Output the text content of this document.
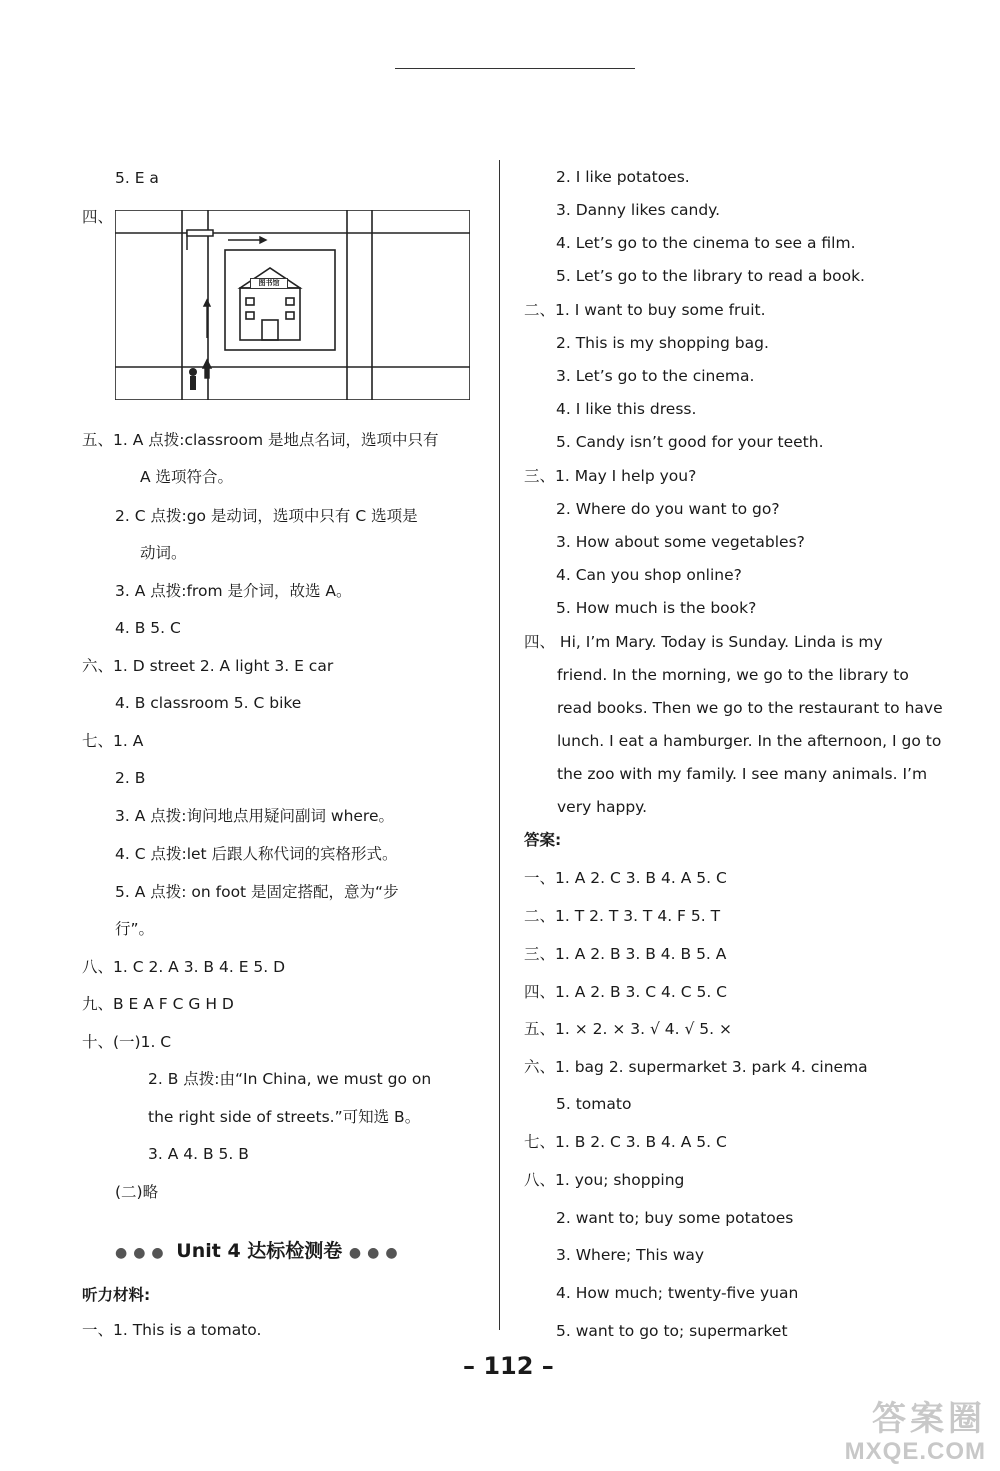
5. E a
四、
图书馆
五、1. A 点拨:classroom 是地点名词，选项中只有
A 选项符合。
2. C 点拨:go 是动词，选项中只有 C 选项是
动词。
3. A 点拨:from 是介词，故选 A。
4. B 5. C
六、1. D street 2. A light 3. E car
4. B classroom 5. C bike
七、1. A
2. B
3. A 点拨:询问地点用疑问副词 where。
4. C 点拨:let 后跟人称代词的宾格形式。
5. A 点拨: on foot 是固定搭配，意为“步
行”。
八、1. C 2. A 3. B 4. E 5. D
九、B E A F C G H D
十、(一)1. C
2. B 点拨:由“In China, we must go on
the right side of streets.”可知选 B。
3. A 4. B 5. B
(二)略
●●● Unit 4 达标检测卷 ●●●
听力材料:
一、1. This is a tomato.
2. I like potatoes.
3. Danny likes candy.
4. Let’s go to the cinema to see a film.
5. Let’s go to the library to read a book.
二、1. I want to buy some fruit.
2. This is my shopping bag.
3. Let’s go to the cinema.
4. I like this dress.
5. Candy isn’t good for your teeth.
三、1. May I help you?
2. Where do you want to go?
3. How about some vegetables?
4. Can you shop online?
5. How much is the book?
四、 Hi, I’m Mary. Today is Sunday. Linda is my
friend. In the morning, we go to the library to
read books. Then we go to the restaurant to have
lunch. I eat a hamburger. In the afternoon, I go to
the zoo with my family. I see many animals. I’m
very happy.
答案:
一、1. A 2. C 3. B 4. A 5. C
二、1. T 2. T 3. T 4. F 5. T
三、1. A 2. B 3. B 4. B 5. A
四、1. A 2. B 3. C 4. C 5. C
五、1. × 2. × 3. √ 4. √ 5. ×
六、1. bag 2. supermarket 3. park 4. cinema
5. tomato
七、1. B 2. C 3. B 4. A 5. C
八、1. you; shopping
2. want to; buy some potatoes
3. Where; This way
4. How much; twenty-five yuan
5. want to go to; supermarket
– 112 –
答案圈
MXQE.COM
